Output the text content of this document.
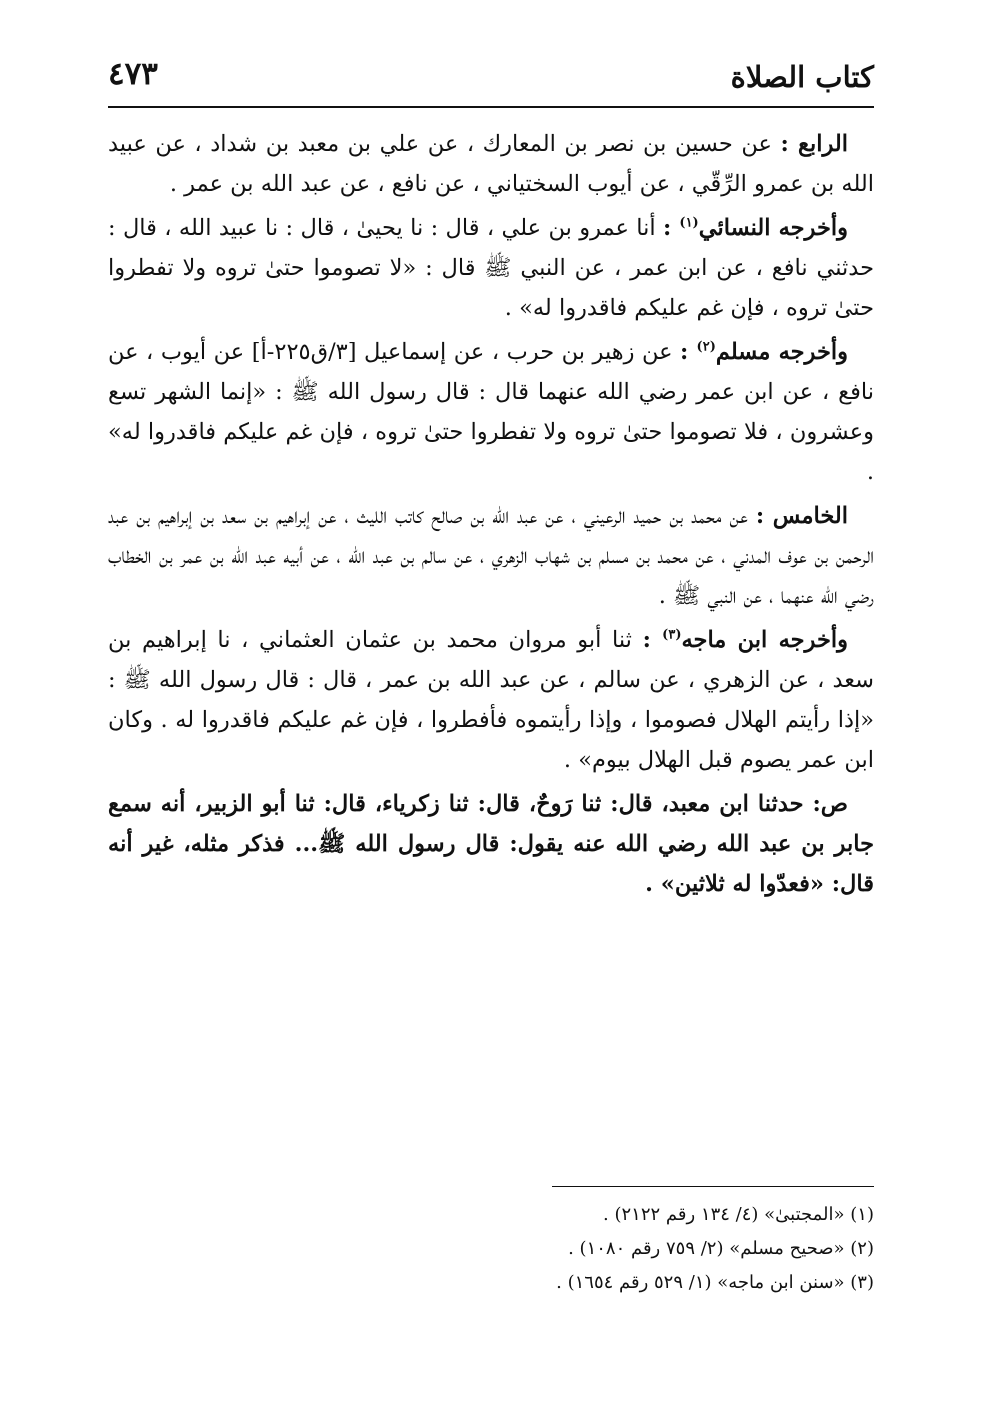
كتاب الصلاة
٤٧٣

الرابع : عن حسين بن نصر بن المعارك ، عن علي بن معبد بن شداد ، عن عبيد الله بن عمرو الرِّقّي ، عن أيوب السختياني ، عن نافع ، عن عبد الله بن عمر .

وأخرجه النسائي$^{(١)}$ : أنا عمرو بن علي ، قال : نا يحيىٰ ، قال : نا عبيد الله ، قال : حدثني نافع ، عن ابن عمر ، عن النبي ﷺ قال : «لا تصوموا حتىٰ تروه ولا تفطروا حتىٰ تروه ، فإن غم عليكم فاقدروا له» .

وأخرجه مسلم$^{(٢)}$ : عن زهير بن حرب ، عن إسماعيل [٣/ق٢٢٥-أ] عن أيوب ، عن نافع ، عن ابن عمر رضي الله عنهما قال : قال رسول الله ﷺ : «إنما الشهر تسع وعشرون ، فلا تصوموا حتىٰ تروه ولا تفطروا حتىٰ تروه ، فإن غم عليكم فاقدروا له» .

الخامس : عن محمد بن حميد الرعيني ، عن عبد الله بن صالح كاتب الليث ، عن إبراهيم بن سعد بن إبراهيم بن عبد الرحمن بن عوف المدني ، عن محمد بن مسلم بن شهاب الزهري ، عن سالم بن عبد الله ، عن أبيه عبد الله بن عمر بن الخطاب رضي الله عنهما ، عن النبي ﷺ .

وأخرجه ابن ماجه$^{(٣)}$ : ثنا أبو مروان محمد بن عثمان العثماني ، نا إبراهيم بن سعد ، عن الزهري ، عن سالم ، عن عبد الله بن عمر ، قال : قال رسول الله ﷺ : «إذا رأيتم الهلال فصوموا ، وإذا رأيتموه فأفطروا ، فإن غم عليكم فاقدروا له . وكان ابن عمر يصوم قبل الهلال بيوم» .

ص: حدثنا ابن معبد، قال: ثنا رَوحٌ، قال: ثنا زكرياء، قال: ثنا أبو الزبير، أنه سمع جابر بن عبد الله رضي الله عنه يقول: قال رسول الله ﷺ... فذكر مثله، غير أنه قال: «فعدّوا له ثلاثين» .

(١) «المجتبىٰ» (٤/ ١٣٤ رقم ٢١٢٢) .

(٢) «صحيح مسلم» (٢/ ٧٥٩ رقم ١٠٨٠) .

(٣) «سنن ابن ماجه» (١/ ٥٢٩ رقم ١٦٥٤) .
